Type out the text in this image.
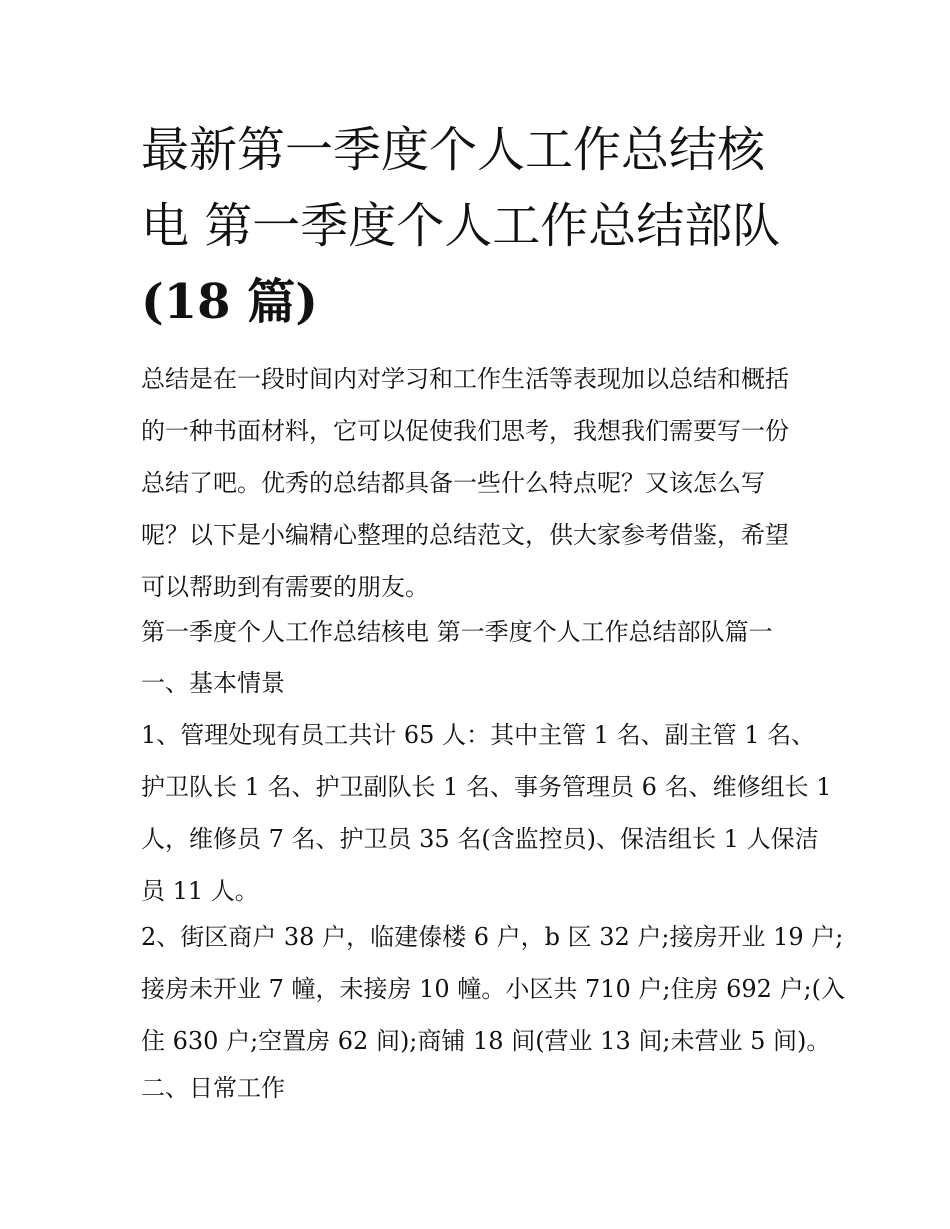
最新第一季度个人工作总结核
电 第一季度个人工作总结部队
(18 篇)

总结是在一段时间内对学习和工作生活等表现加以总结和概括
的一种书面材料，它可以促使我们思考，我想我们需要写一份
总结了吧。优秀的总结都具备一些什么特点呢？又该怎么写
呢？以下是小编精心整理的总结范文，供大家参考借鉴，希望
可以帮助到有需要的朋友。

第一季度个人工作总结核电 第一季度个人工作总结部队篇一

一、基本情景

1、管理处现有员工共计 65 人：其中主管 1 名、副主管 1 名、
护卫队长 1 名、护卫副队长 1 名、事务管理员 6 名、维修组长 1
人，维修员 7 名、护卫员 35 名(含监控员)、保洁组长 1 人保洁
员 11 人。

2、街区商户 38 户，临建傣楼 6 户，b 区 32 户;接房开业 19 户;
接房未开业 7 幢，未接房 10 幢。小区共 710 户;住房 692 户;(入
住 630 户;空置房 62 间);商铺 18 间(营业 13 间;未营业 5 间)。

二、日常工作
